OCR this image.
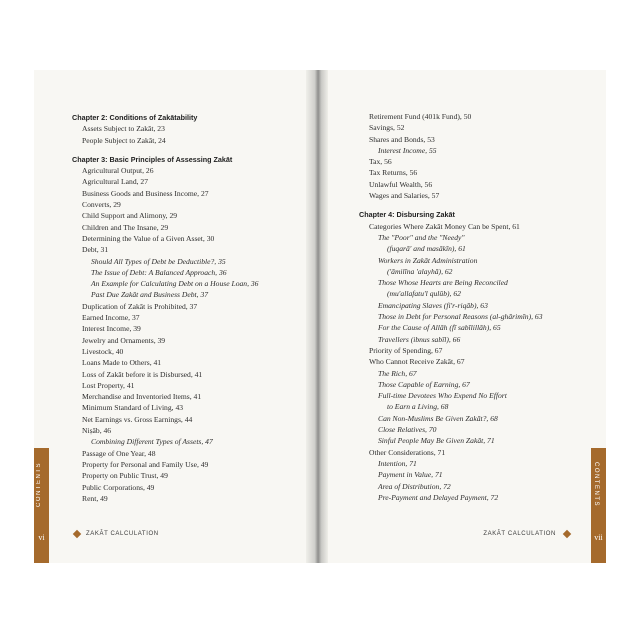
CONTENTS
vi
Chapter 2: Conditions of Zakātability
Assets Subject to Zakāt, 23
People Subject to Zakāt, 24
Chapter 3: Basic Principles of Assessing Zakāt
Agricultural Output, 26
Agricultural Land, 27
Business Goods and Business Income, 27
Converts, 29
Child Support and Alimony, 29
Children and The Insane, 29
Determining the Value of a Given Asset, 30
Debt, 31
Should All Types of Debt be Deductible?, 35
The Issue of Debt: A Balanced Approach, 36
An Example for Calculating Debt on a House Loan, 36
Past Due Zakāt and Business Debt, 37
Duplication of Zakāt is Prohibited, 37
Earned Income, 37
Interest Income, 39
Jewelry and Ornaments, 39
Livestock, 40
Loans Made to Others, 41
Loss of Zakāt before it is Disbursed, 41
Lost Property, 41
Merchandise and Inventoried Items, 41
Minimum Standard of Living, 43
Net Earnings vs. Gross Earnings, 44
Niṣāb, 46
Combining Different Types of Assets, 47
Passage of One Year, 48
Property for Personal and Family Use, 49
Property on Public Trust, 49
Public Corporations, 49
Rent, 49
ZAKĀT CALCULATION
Retirement Fund (401k Fund), 50
Savings, 52
Shares and Bonds, 53
Interest Income, 55
Tax, 56
Tax Returns, 56
Unlawful Wealth, 56
Wages and Salaries, 57
Chapter 4: Disbursing Zakāt
Categories Where Zakāt Money Can be Spent, 61
The "Poor" and the "Needy"
(fuqarā' and masākīn), 61
Workers in Zakāt Administration
('āmilīna 'alayhā), 62
Those Whose Hearts are Being Reconciled
(mu'allafatu'l qulūb), 62
Emancipating Slaves (fi'r-riqāb), 63
Those in Debt for Personal Reasons (al-ghārimīn), 63
For the Cause of Allāh (fī sabīlillāh), 65
Travellers (ibnus sabīl), 66
Priority of Spending, 67
Who Cannot Receive Zakāt, 67
The Rich, 67
Those Capable of Earning, 67
Full-time Devotees Who Expend No Effort
to Earn a Living, 68
Can Non-Muslims Be Given Zakāt?, 68
Close Relatives, 70
Sinful People May Be Given Zakāt, 71
Other Considerations, 71
Intention, 71
Payment in Value, 71
Area of Distribution, 72
Pre-Payment and Delayed Payment, 72
ZAKĀT CALCULATION
CONTENTS
vii
